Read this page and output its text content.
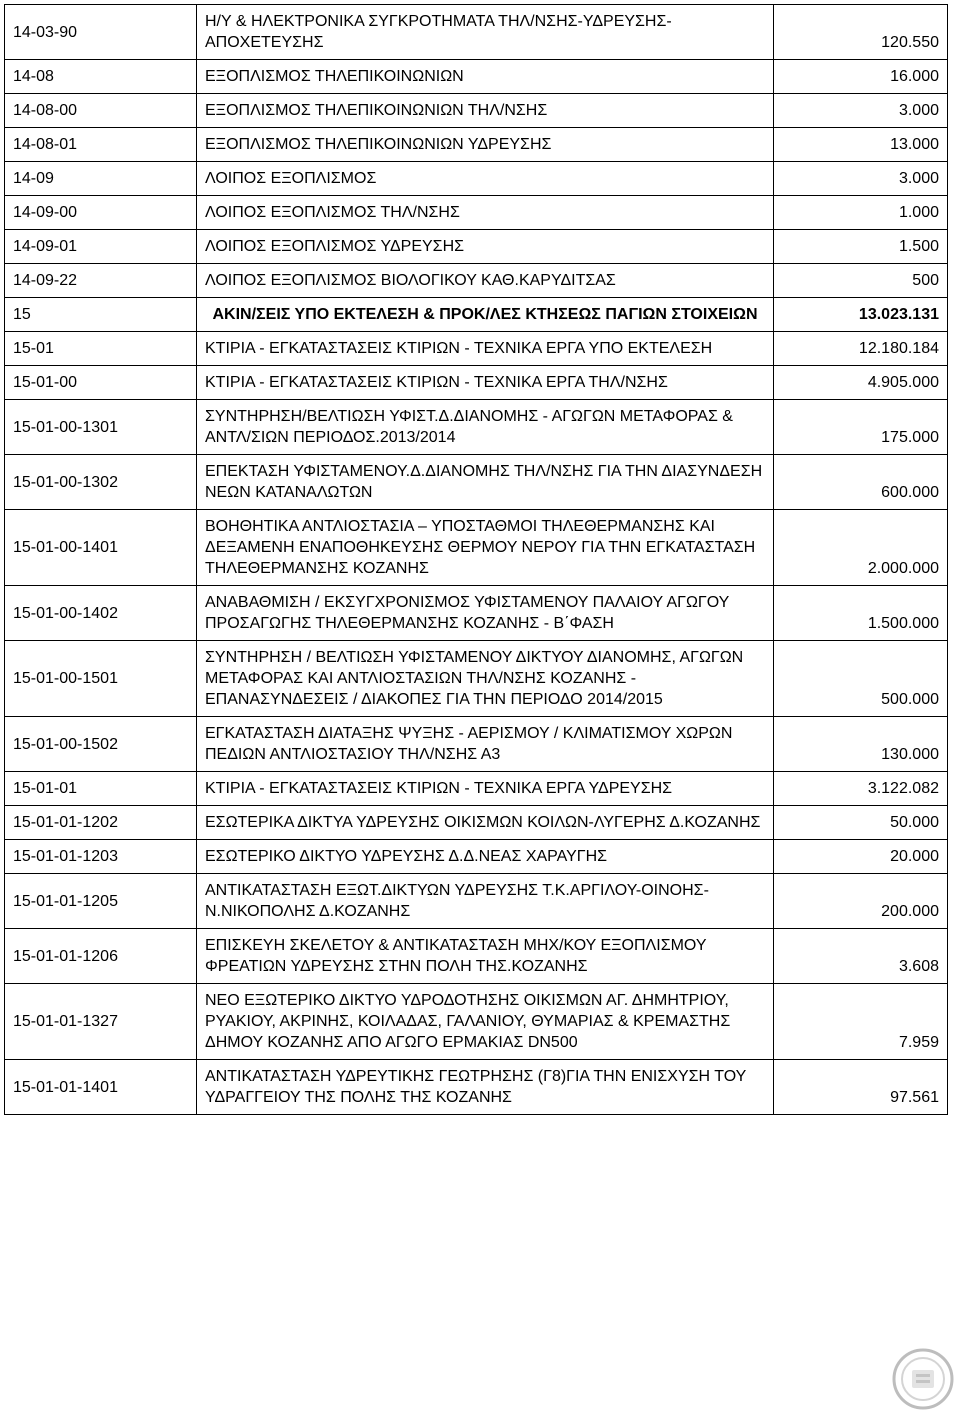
14-03-90	Η/Υ & ΗΛΕΚΤΡΟΝΙΚΑ ΣΥΓΚΡΟΤΗΜΑΤΑ ΤΗΛ/ΝΣΗΣ-ΥΔΡΕΥΣΗΣ-ΑΠΟΧΕΤΕΥΣΗΣ	120.550
14-08	ΕΞΟΠΛΙΣΜΟΣ ΤΗΛΕΠΙΚΟΙΝΩΝΙΩΝ	16.000
14-08-00	ΕΞΟΠΛΙΣΜΟΣ ΤΗΛΕΠΙΚΟΙΝΩΝΙΩΝ ΤΗΛ/ΝΣΗΣ	3.000
14-08-01	ΕΞΟΠΛΙΣΜΟΣ ΤΗΛΕΠΙΚΟΙΝΩΝΙΩΝ ΥΔΡΕΥΣΗΣ	13.000
14-09	ΛΟΙΠΟΣ ΕΞΟΠΛΙΣΜΟΣ	3.000
14-09-00	ΛΟΙΠΟΣ ΕΞΟΠΛΙΣΜΟΣ ΤΗΛ/ΝΣΗΣ	1.000
14-09-01	ΛΟΙΠΟΣ ΕΞΟΠΛΙΣΜΟΣ ΥΔΡΕΥΣΗΣ	1.500
14-09-22	ΛΟΙΠΟΣ ΕΞΟΠΛΙΣΜΟΣ ΒΙΟΛΟΓΙΚΟΥ ΚΑΘ.ΚΑΡΥΔΙΤΣΑΣ	500
15	ΑΚΙΝ/ΣΕΙΣ ΥΠΟ ΕΚΤΕΛΕΣΗ & ΠΡΟΚ/ΛΕΣ ΚΤΗΣΕΩΣ ΠΑΓΙΩΝ ΣΤΟΙΧΕΙΩΝ	13.023.131
15-01	ΚΤΙΡΙΑ - ΕΓΚΑΤΑΣΤΑΣΕΙΣ ΚΤΙΡΙΩΝ - ΤΕΧΝΙΚΑ ΕΡΓΑ ΥΠΟ ΕΚΤΕΛΕΣΗ	12.180.184
15-01-00	ΚΤΙΡΙΑ - ΕΓΚΑΤΑΣΤΑΣΕΙΣ ΚΤΙΡΙΩΝ - ΤΕΧΝΙΚΑ ΕΡΓΑ ΤΗΛ/ΝΣΗΣ	4.905.000
15-01-00-1301	ΣΥΝΤΗΡΗΣΗ/ΒΕΛΤΙΩΣΗ ΥΦΙΣΤ.Δ.ΔΙΑΝΟΜΗΣ - ΑΓΩΓΩΝ ΜΕΤΑΦΟΡΑΣ & ΑΝΤΛ/ΣΙΩΝ ΠΕΡΙΟΔΟΣ.2013/2014	175.000
15-01-00-1302	ΕΠΕΚΤΑΣΗ ΥΦΙΣΤΑΜΕΝΟΥ.Δ.ΔΙΑΝΟΜΗΣ ΤΗΛ/ΝΣΗΣ ΓΙΑ ΤΗΝ ΔΙΑΣΥΝΔΕΣΗ ΝΕΩΝ ΚΑΤΑΝΑΛΩΤΩΝ	600.000
15-01-00-1401	ΒΟΗΘΗΤΙΚΑ ΑΝΤΛΙΟΣΤΑΣΙΑ – ΥΠΟΣΤΑΘΜΟΙ ΤΗΛΕΘΕΡΜΑΝΣΗΣ ΚΑΙ ΔΕΞΑΜΕΝΗ ΕΝΑΠΟΘΗΚΕΥΣΗΣ ΘΕΡΜΟΥ ΝΕΡΟΥ ΓΙΑ ΤΗΝ ΕΓΚΑΤΑΣΤΑΣΗ ΤΗΛΕΘΕΡΜΑΝΣΗΣ ΚΟΖΑΝΗΣ	2.000.000
15-01-00-1402	ΑΝΑΒΑΘΜΙΣΗ / ΕΚΣΥΓΧΡΟΝΙΣΜΟΣ ΥΦΙΣΤΑΜΕΝΟΥ ΠΑΛΑΙΟΥ ΑΓΩΓΟΥ ΠΡΟΣΑΓΩΓΗΣ ΤΗΛΕΘΕΡΜΑΝΣΗΣ ΚΟΖΑΝΗΣ - Β΄ΦΑΣΗ	1.500.000
15-01-00-1501	ΣΥΝΤΗΡΗΣΗ / ΒΕΛΤΙΩΣΗ ΥΦΙΣΤΑΜΕΝΟΥ ΔΙΚΤΥΟΥ ΔΙΑΝΟΜΗΣ, ΑΓΩΓΩΝ ΜΕΤΑΦΟΡΑΣ ΚΑΙ ΑΝΤΛΙΟΣΤΑΣΙΩΝ ΤΗΛ/ΝΣΗΣ ΚΟΖΑΝΗΣ - ΕΠΑΝΑΣΥΝΔΕΣΕΙΣ / ΔΙΑΚΟΠΕΣ ΓΙΑ ΤΗΝ ΠΕΡΙΟΔΟ 2014/2015	500.000
15-01-00-1502	ΕΓΚΑΤΑΣΤΑΣΗ ΔΙΑΤΑΞΗΣ ΨΥΞΗΣ - ΑΕΡΙΣΜΟΥ / ΚΛΙΜΑΤΙΣΜΟΥ ΧΩΡΩΝ ΠΕΔΙΩΝ ΑΝΤΛΙΟΣΤΑΣΙΟΥ ΤΗΛ/ΝΣΗΣ Α3	130.000
15-01-01	ΚΤΙΡΙΑ - ΕΓΚΑΤΑΣΤΑΣΕΙΣ ΚΤΙΡΙΩΝ - ΤΕΧΝΙΚΑ ΕΡΓΑ ΥΔΡΕΥΣΗΣ	3.122.082
15-01-01-1202	ΕΣΩΤΕΡΙΚΑ ΔΙΚΤΥΑ ΥΔΡΕΥΣΗΣ ΟΙΚΙΣΜΩΝ ΚΟΙΛΩΝ-ΛΥΓΕΡΗΣ Δ.ΚΟΖΑΝΗΣ	50.000
15-01-01-1203	ΕΣΩΤΕΡΙΚΟ ΔΙΚΤΥΟ ΥΔΡΕΥΣΗΣ Δ.Δ.ΝΕΑΣ ΧΑΡΑΥΓΗΣ	20.000
15-01-01-1205	ΑΝΤΙΚΑΤΑΣΤΑΣΗ ΕΞΩΤ.ΔΙΚΤΥΩΝ ΥΔΡΕΥΣΗΣ Τ.Κ.ΑΡΓΙΛΟΥ-ΟΙΝΟΗΣ-Ν.ΝΙΚΟΠΟΛΗΣ Δ.ΚΟΖΑΝΗΣ	200.000
15-01-01-1206	ΕΠΙΣΚΕΥΗ ΣΚΕΛΕΤΟΥ & ΑΝΤΙΚΑΤΑΣΤΑΣΗ ΜΗΧ/ΚΟΥ ΕΞΟΠΛΙΣΜΟΥ ΦΡΕΑΤΙΩΝ ΥΔΡΕΥΣΗΣ ΣΤΗΝ ΠΟΛΗ ΤΗΣ.ΚΟΖΑΝΗΣ	3.608
15-01-01-1327	ΝΕΟ ΕΞΩΤΕΡΙΚΟ ΔΙΚΤΥΟ ΥΔΡΟΔΟΤΗΣΗΣ ΟΙΚΙΣΜΩΝ ΑΓ. ΔΗΜΗΤΡΙΟΥ, ΡΥΑΚΙΟΥ, ΑΚΡΙΝΗΣ, ΚΟΙΛΑΔΑΣ, ΓΑΛΑΝΙΟΥ, ΘΥΜΑΡΙΑΣ & ΚΡΕΜΑΣΤΗΣ ΔΗΜΟΥ ΚΟΖΑΝΗΣ ΑΠΟ ΑΓΩΓΟ ΕΡΜΑΚΙΑΣ DN500	7.959
15-01-01-1401	ΑΝΤΙΚΑΤΑΣΤΑΣΗ ΥΔΡΕΥΤΙΚΗΣ ΓΕΩΤΡΗΣΗΣ (Γ8)ΓΙΑ ΤΗΝ ΕΝΙΣΧΥΣΗ ΤΟΥ ΥΔΡΑΓΓΕΙΟΥ ΤΗΣ ΠΟΛΗΣ ΤΗΣ ΚΟΖΑΝΗΣ	97.561
